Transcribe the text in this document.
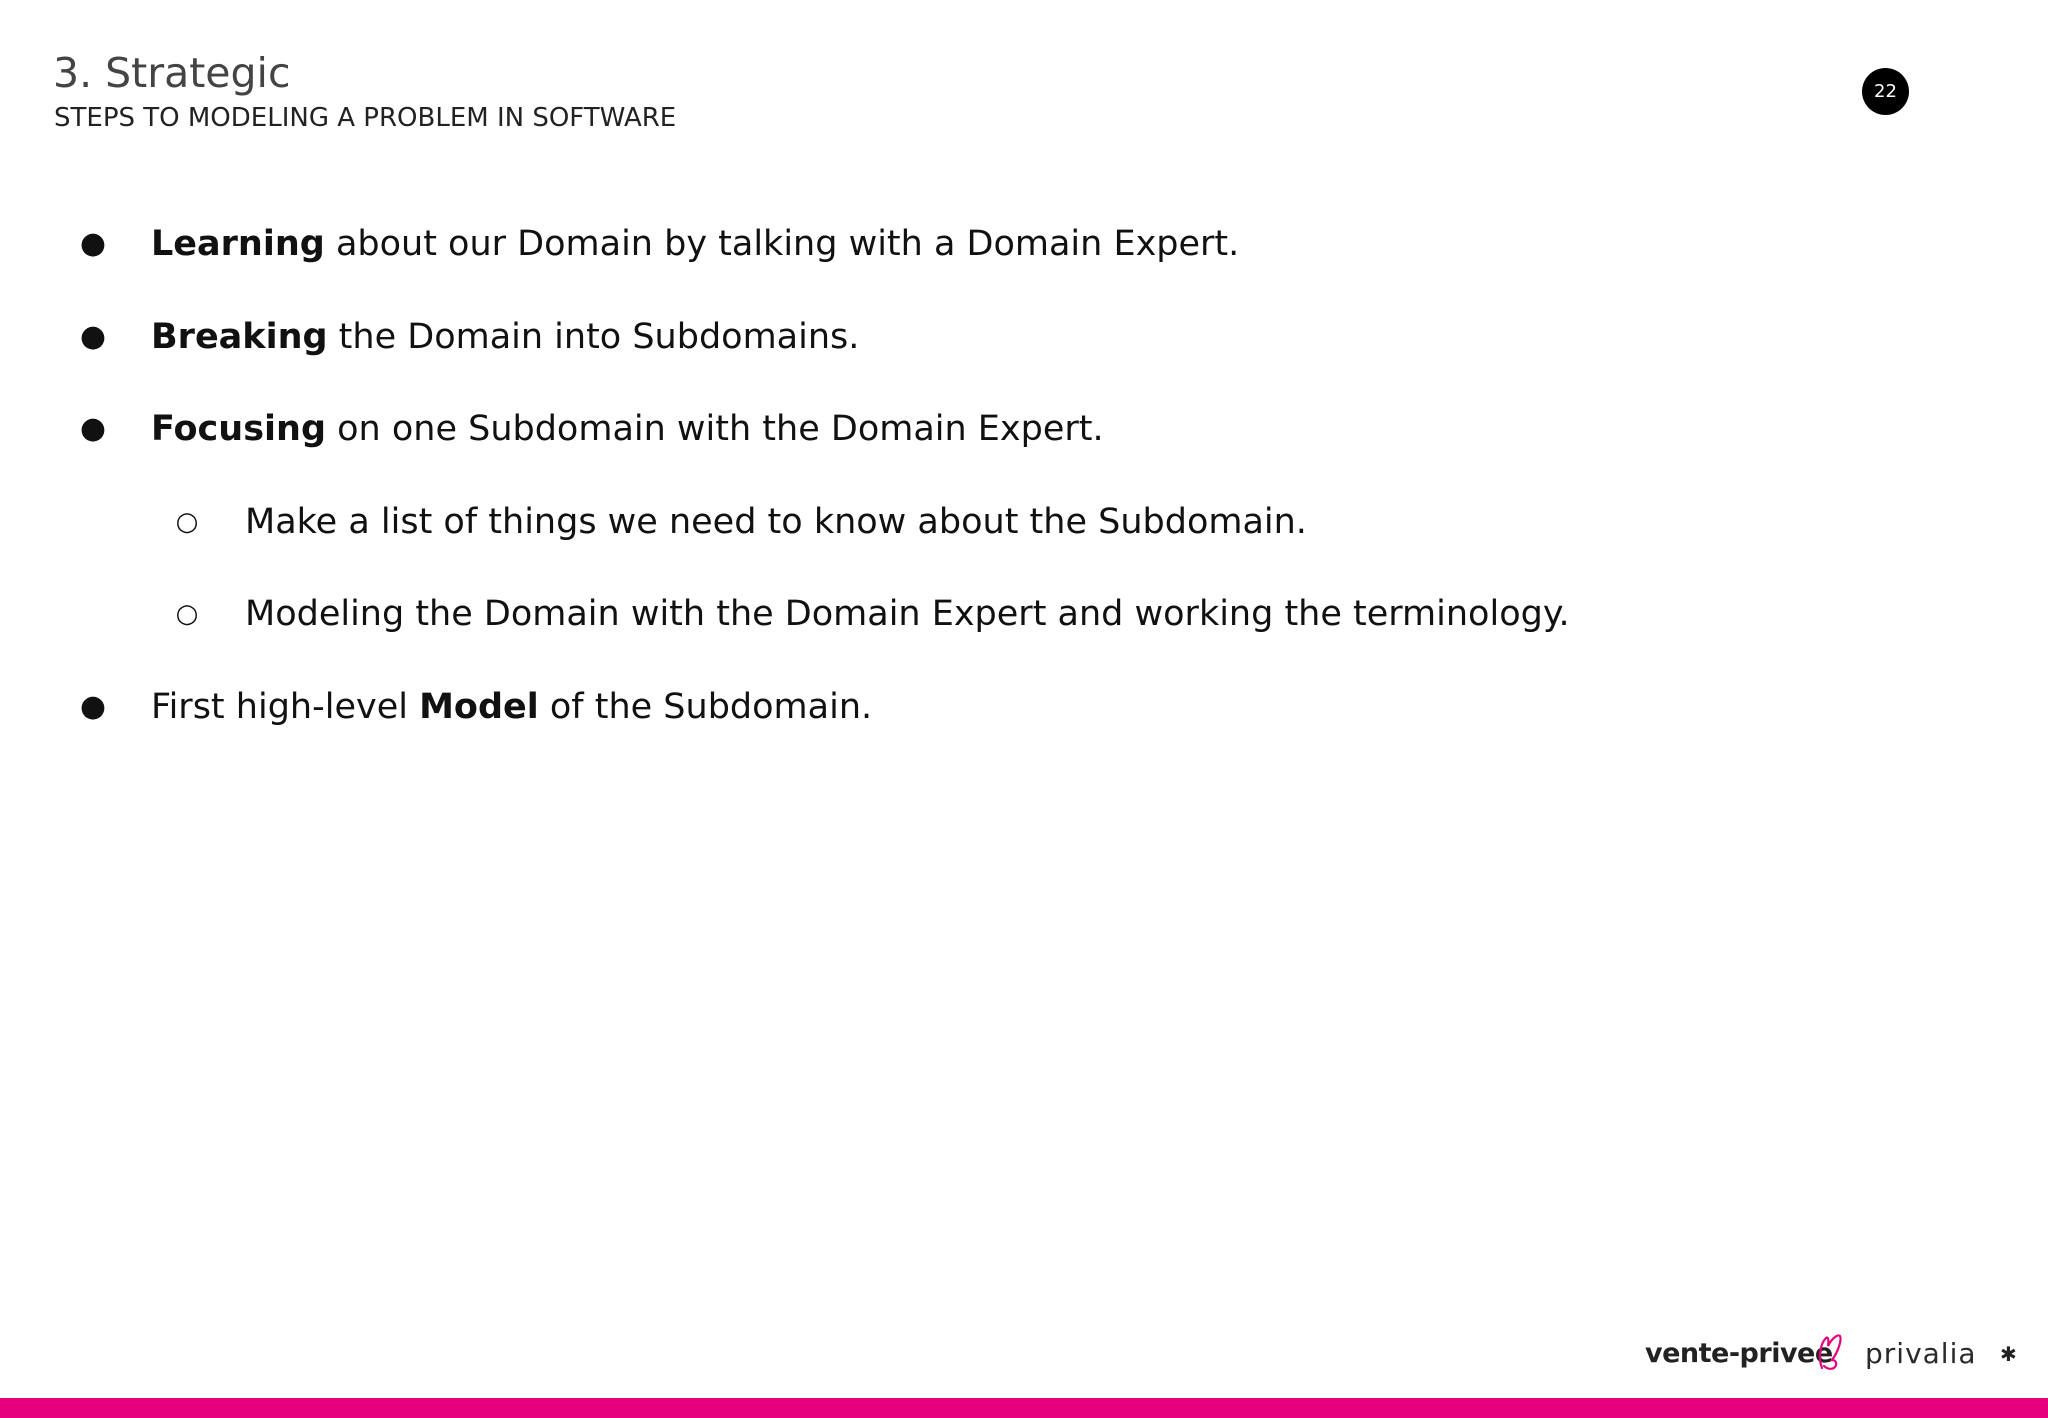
3. Strategic
STEPS TO MODELING A PROBLEM IN SOFTWARE
22
● Learning about our Domain by talking with a Domain Expert.
● Breaking the Domain into Subdomains.
● Focusing on one Subdomain with the Domain Expert.
○ Make a list of things we need to know about the Subdomain.
○ Modeling the Domain with the Domain Expert and working the terminology.
● First high-level Model of the Subdomain.
vente-privee privalia ✱
